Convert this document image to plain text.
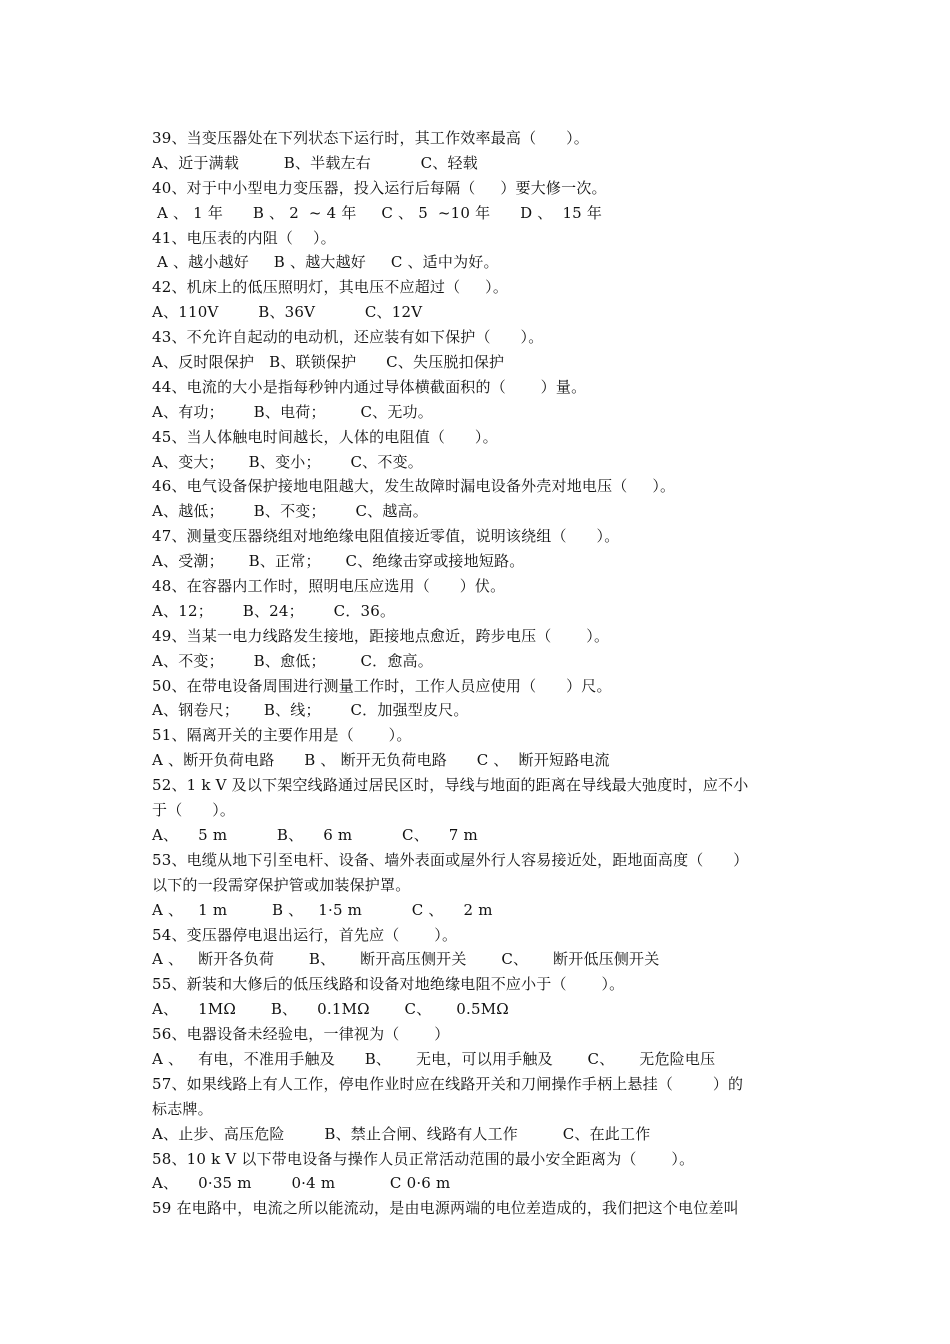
39、当变压器处在下列状态下运行时，其工作效率最高（      ）。
A、近于满载         B、半载左右          C、轻载
40、对于中小型电力变压器，投入运行后每隔（     ）要大修一次。
A 、 1 年      B 、 2  ~ 4 年     C 、 5  ~10 年      D 、  15 年
41、电压表的内阻（    ）。
A 、越小越好     B 、越大越好     C 、适中为好。
42、机床上的低压照明灯，其电压不应超过（     ）。
A、110V        B、36V          C、12V
43、不允许自起动的电动机，还应装有如下保护（      ）。
A、反时限保护   B、联锁保护      C、失压脱扣保护
44、电流的大小是指每秒钟内通过导体横截面积的（       ）量。
A、有功；      B、电荷；       C、无功。
45、当人体触电时间越长，人体的电阻值（      ）。
A、变大；     B、变小；      C、不变。
46、电气设备保护接地电阻越大，发生故障时漏电设备外壳对地电压（     ）。
A、越低；      B、不变；      C、越高。
47、测量变压器绕组对地绝缘电阻值接近零值，说明该绕组（      ）。
A、受潮；     B、正常；     C、绝缘击穿或接地短路。
48、在容器内工作时，照明电压应选用（      ）伏。
A、12；      B、24；      C．36。
49、当某一电力线路发生接地，距接地点愈近，跨步电压（       ）。
A、不变；      B、愈低；       C．愈高。
50、在带电设备周围进行测量工作时，工作人员应使用（      ）尺。
A、钢卷尺；     B、线；      C．加强型皮尺。
51、隔离开关的主要作用是（       ）。
A 、断开负荷电路      B 、 断开无负荷电路      C 、  断开短路电流
52、1 k V 及以下架空线路通过居民区时，导线与地面的距离在导线最大弛度时，应不小
于（      ）。
A、    5 m          B、    6 m          C、    7 m
53、电缆从地下引至电杆、设备、墙外表面或屋外行人容易接近处，距地面高度（      ）
以下的一段需穿保护管或加装保护罩。
A 、   1 m         B 、   1·5 m          C 、    2 m
54、变压器停电退出运行，首先应（       ）。
A 、   断开各负荷       B、     断开高压侧开关       C、     断开低压侧开关
55、新装和大修后的低压线路和设备对地绝缘电阻不应小于（       ）。
A、    1MΩ       B、    0.1MΩ       C、     0.5MΩ
56、电器设备未经验电，一律视为（       ）
A 、   有电，不准用手触及      B、     无电，可以用手触及       C、     无危险电压
57、如果线路上有人工作，停电作业时应在线路开关和刀闸操作手柄上悬挂（        ）的
标志牌。
A、止步、高压危险        B、禁止合闸、线路有人工作         C、在此工作
58、10 k V 以下带电设备与操作人员正常活动范围的最小安全距离为（       ）。
A、    0·35 m        0·4 m           C 0·6 m
59 在电路中，电流之所以能流动，是由电源两端的电位差造成的，我们把这个电位差叫
